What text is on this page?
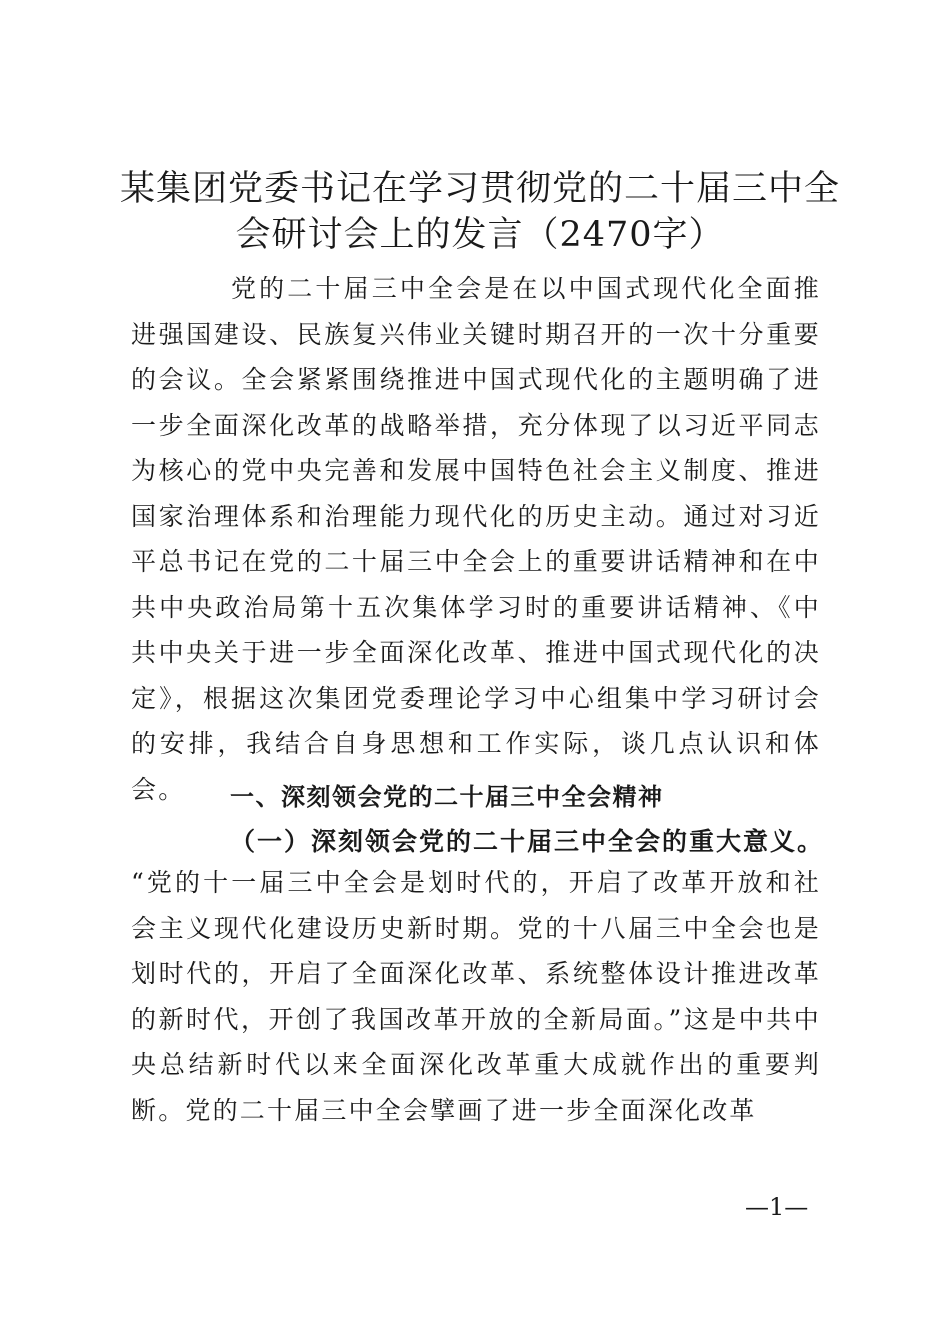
某集团党委书记在学习贯彻党的二十届三中全会研讨会上的发言（2470字）

党的二十届三中全会是在以中国式现代化全面推进强国建设、民族复兴伟业关键时期召开的一次十分重要的会议。全会紧紧围绕推进中国式现代化的主题明确了进一步全面深化改革的战略举措，充分体现了以习近平同志为核心的党中央完善和发展中国特色社会主义制度、推进国家治理体系和治理能力现代化的历史主动。通过对习近平总书记在党的二十届三中全会上的重要讲话精神和在中共中央政治局第十五次集体学习时的重要讲话精神、《中共中央关于进一步全面深化改革、推进中国式现代化的决定》，根据这次集团党委理论学习中心组集中学习研讨会的安排，我结合自身思想和工作实际，谈几点认识和体会。	一、深刻领会党的二十届三中全会精神
（一）深刻领会党的二十届三中全会的重大意义。

“党的十一届三中全会是划时代的，开启了改革开放和社会主义现代化建设历史新时期。党的十八届三中全会也是划时代的，开启了全面深化改革、系统整体设计推进改革的新时代，开创了我国改革开放的全新局面。”这是中共中央总结新时代以来全面深化改革重大成就作出的重要判断。党的二十届三中全会擘画了进一步全面深化改革

—1—
